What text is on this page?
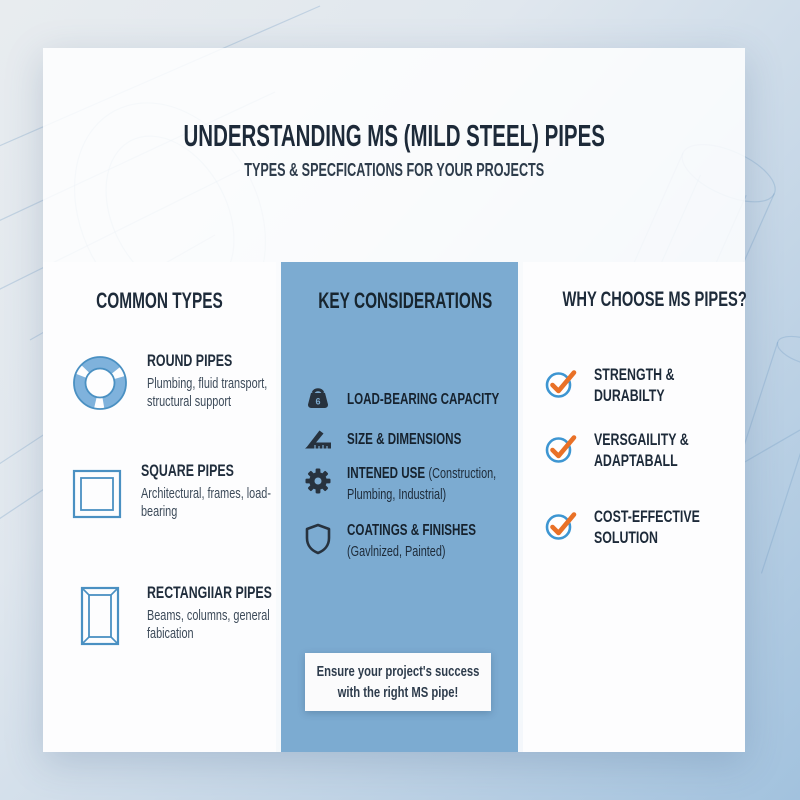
UNDERSTANDING MS (MILD STEEL) PIPES
TYPES & SPECFICATIONS FOR YOUR PROJECTS
COMMON TYPES
ROUND PIPES
Plumbing, fluid transport, structural support
SQUARE PIPES
Architectural, frames, load-bearing
RECTANGIIAR PIPES
Beams, columns, general fabication
KEY CONSIDERATIONS
6 LOAD-BEARING CAPACITY
SIZE & DIMENSIONS
INTENED USE (Construction, Plumbing, Industrial)
COATINGS & FINISHES (Gavlnized, Painted)
Ensure your project's success with the right MS pipe!
WHY CHOOSE MS PIPES?
STRENGTH & DURABILTY
VERSGAILITY & ADAPTABALL
COST-EFFECTIVE SOLUTION
